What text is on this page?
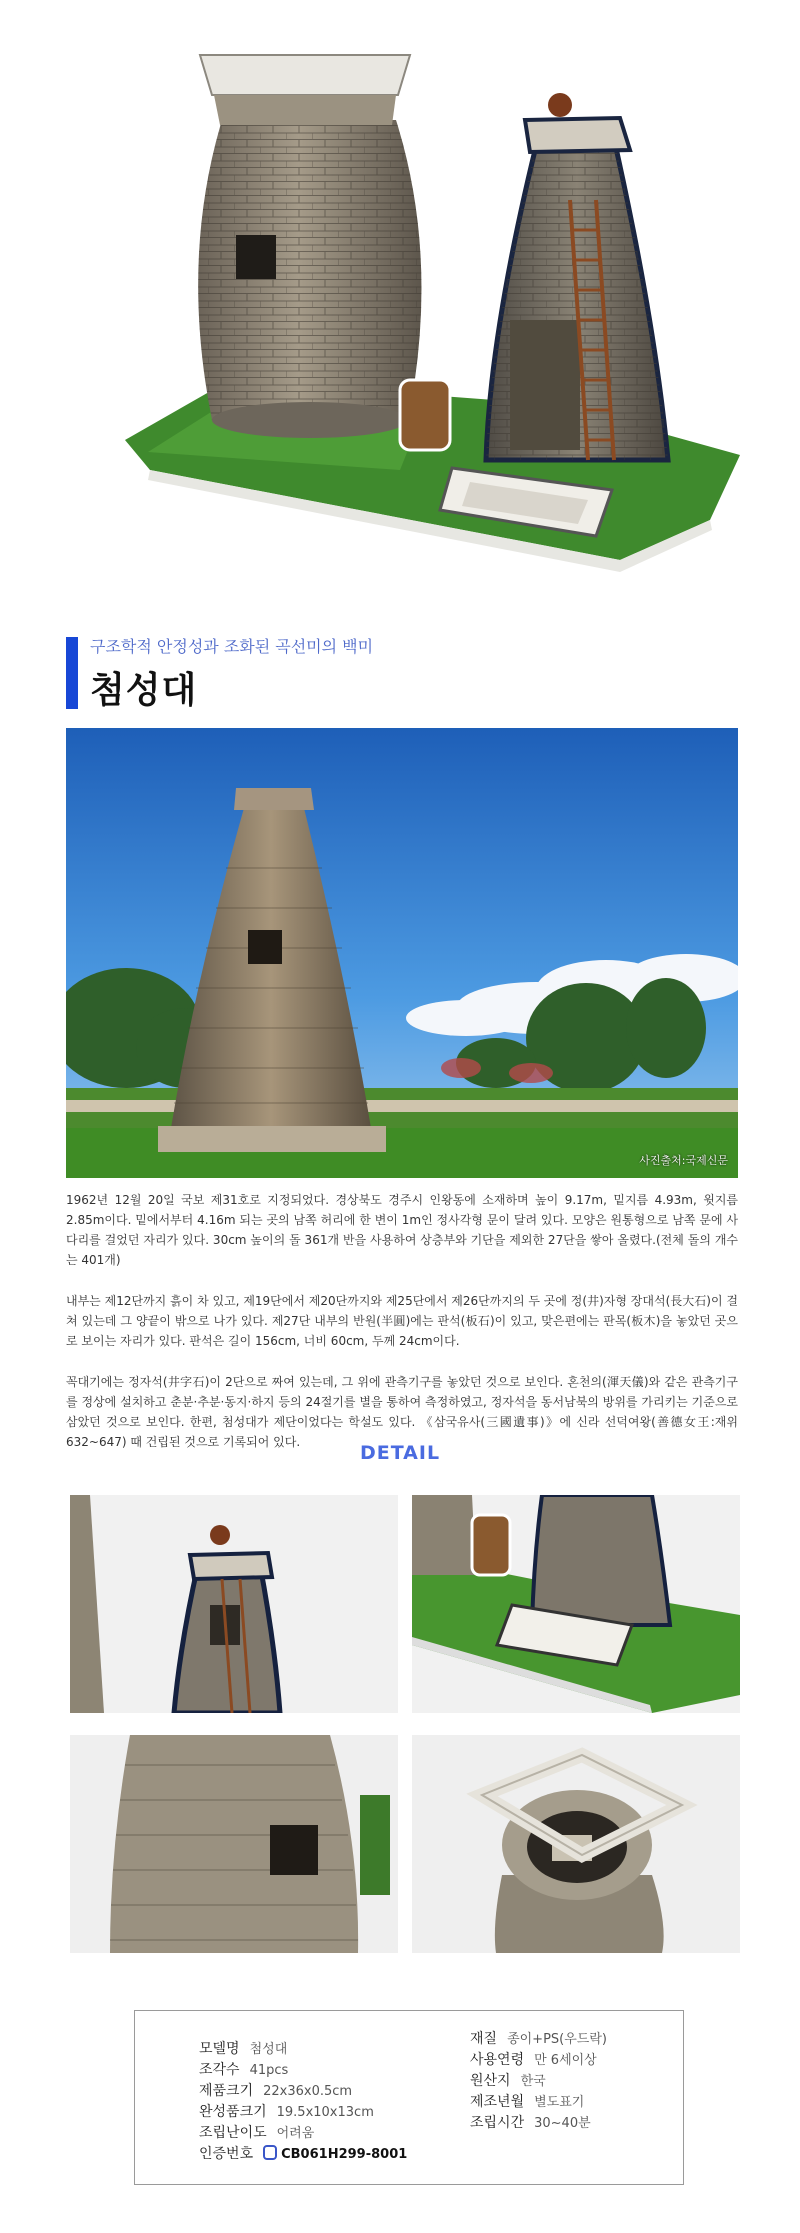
구조학적 안정성과 조화된 곡선미의 백미
첨성대
사진출처:국제신문

1962년 12월 20일 국보 제31호로 지정되었다. 경상북도 경주시 인왕동에 소재하며 높이 9.17m, 밑지름 4.93m, 윗지름 2.85m이다. 밑에서부터 4.16m 되는 곳의 남쪽 허리에 한 변이 1m인 정사각형 문이 달려 있다. 모양은 원통형으로 남쪽 문에 사다리를 걸었던 자리가 있다. 30cm 높이의 돌 361개 반을 사용하여 상층부와 기단을 제외한 27단을 쌓아 올렸다.(전체 돌의 개수는 401개)

내부는 제12단까지 흙이 차 있고, 제19단에서 제20단까지와 제25단에서 제26단까지의 두 곳에 정(井)자형 장대석(長大石)이 걸쳐 있는데 그 양끝이 밖으로 나가 있다. 제27단 내부의 반원(半圓)에는 판석(板石)이 있고, 맞은편에는 판목(板木)을 놓았던 곳으로 보이는 자리가 있다. 판석은 길이 156cm, 너비 60cm, 두께 24cm이다.

꼭대기에는 정자석(井字石)이 2단으로 짜여 있는데, 그 위에 관측기구를 놓았던 것으로 보인다. 혼천의(渾天儀)와 같은 관측기구를 정상에 설치하고 춘분·추분·동지·하지 등의 24절기를 별을 통하여 측정하였고, 정자석을 동서남북의 방위를 가리키는 기준으로 삼았던 것으로 보인다. 한편, 첨성대가 제단이었다는 학설도 있다. 《삼국유사(三國遺事)》에 신라 선덕여왕(善德女王:재위 632~647) 때 건립된 것으로 기록되어 있다.	DETAIL
모델명 첨성대
조각수 41pcs
제품크기 22x36x0.5cm
완성품크기 19.5x10x13cm
조립난이도 어려움
인증번호 CB061H299-8001
재질 종이+PS(우드락)
사용연령 만 6세이상
원산지 한국
제조년월 별도표기
조립시간 30~40분
